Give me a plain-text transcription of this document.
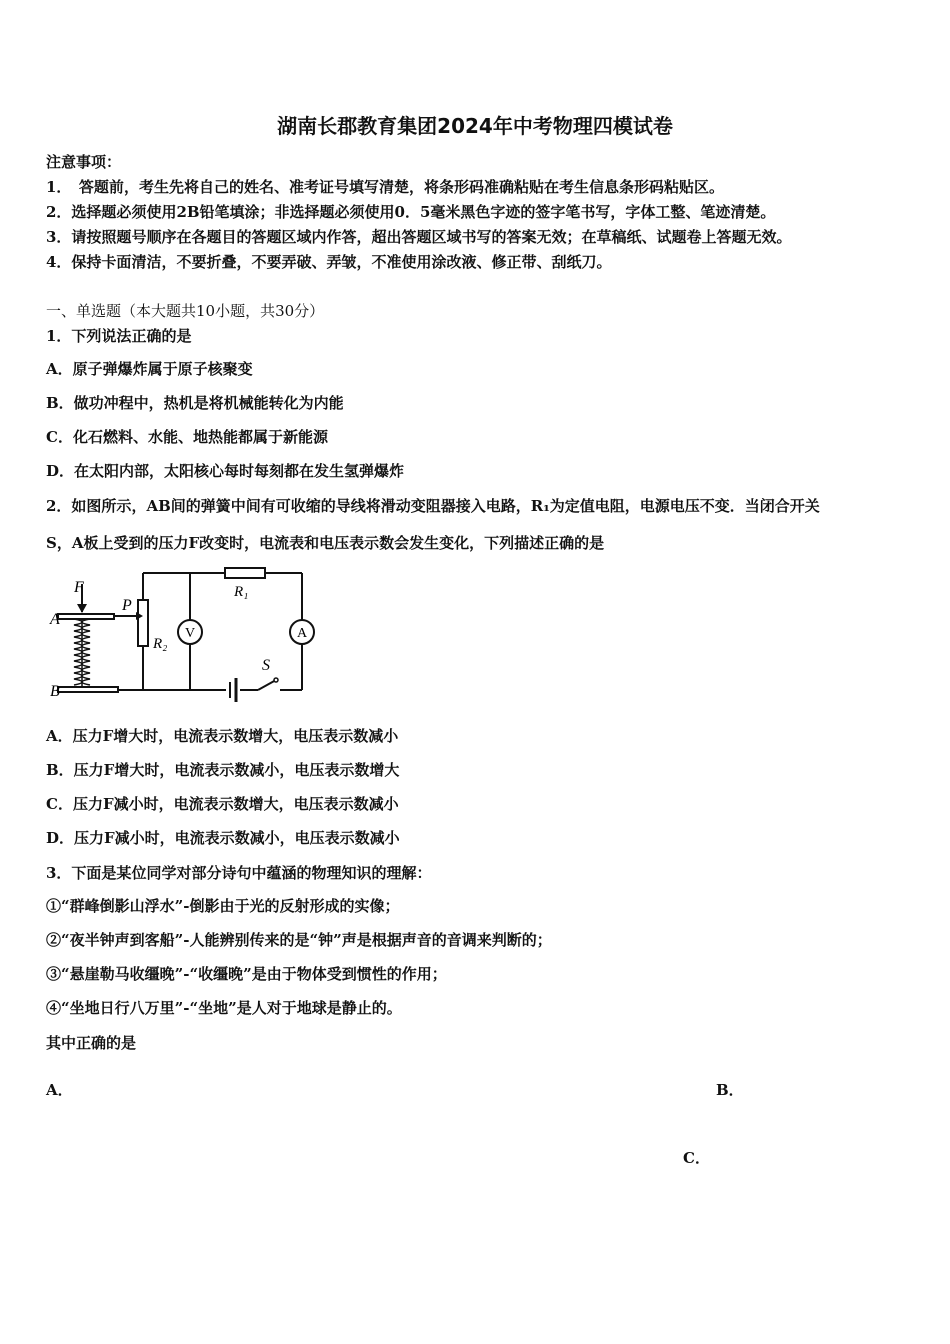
湖南长郡教育集团2024年中考物理四模试卷
注意事项：
1．　答题前，考生先将自己的姓名、准考证号填写清楚，将条形码准确粘贴在考生信息条形码粘贴区。
2．选择题必须使用2B铅笔填涂；非选择题必须使用0．5毫米黑色字迹的签字笔书写，字体工整、笔迹清楚。
3．请按照题号顺序在各题目的答题区域内作答，超出答题区域书写的答案无效；在草稿纸、试题卷上答题无效。
4．保持卡面清洁，不要折叠，不要弄破、弄皱，不准使用涂改液、修正带、刮纸刀。
一、单选题（本大题共10小题，共30分）
1．下列说法正确的是
A．原子弹爆炸属于原子核聚变
B．做功冲程中，热机是将机械能转化为内能
C．化石燃料、水能、地热能都属于新能源
D．在太阳内部，太阳核心每时每刻都在发生氢弹爆炸
2．如图所示，AB间的弹簧中间有可收缩的导线将滑动变阻器接入电路，R₁为定值电阻，电源电压不变．当闭合开关
S，A板上受到的压力F改变时，电流表和电压表示数会发生变化，下列描述正确的是
V	A
F
A
B
P
R₁
R₂
S
A．压力F增大时，电流表示数增大，电压表示数减小
B．压力F增大时，电流表示数减小，电压表示数增大
C．压力F减小时，电流表示数增大，电压表示数减小
D．压力F减小时，电流表示数减小，电压表示数减小
3．下面是某位同学对部分诗句中蕴涵的物理知识的理解：
①“群峰倒影山浮水”-倒影由于光的反射形成的实像；
②“夜半钟声到客船”-人能辨别传来的是“钟”声是根据声音的音调来判断的；
③“悬崖勒马收缰晚”-“收缰晚”是由于物体受到惯性的作用；
④“坐地日行八万里”-“坐地”是人对于地球是静止的。
其中正确的是
A．	B．
C．
